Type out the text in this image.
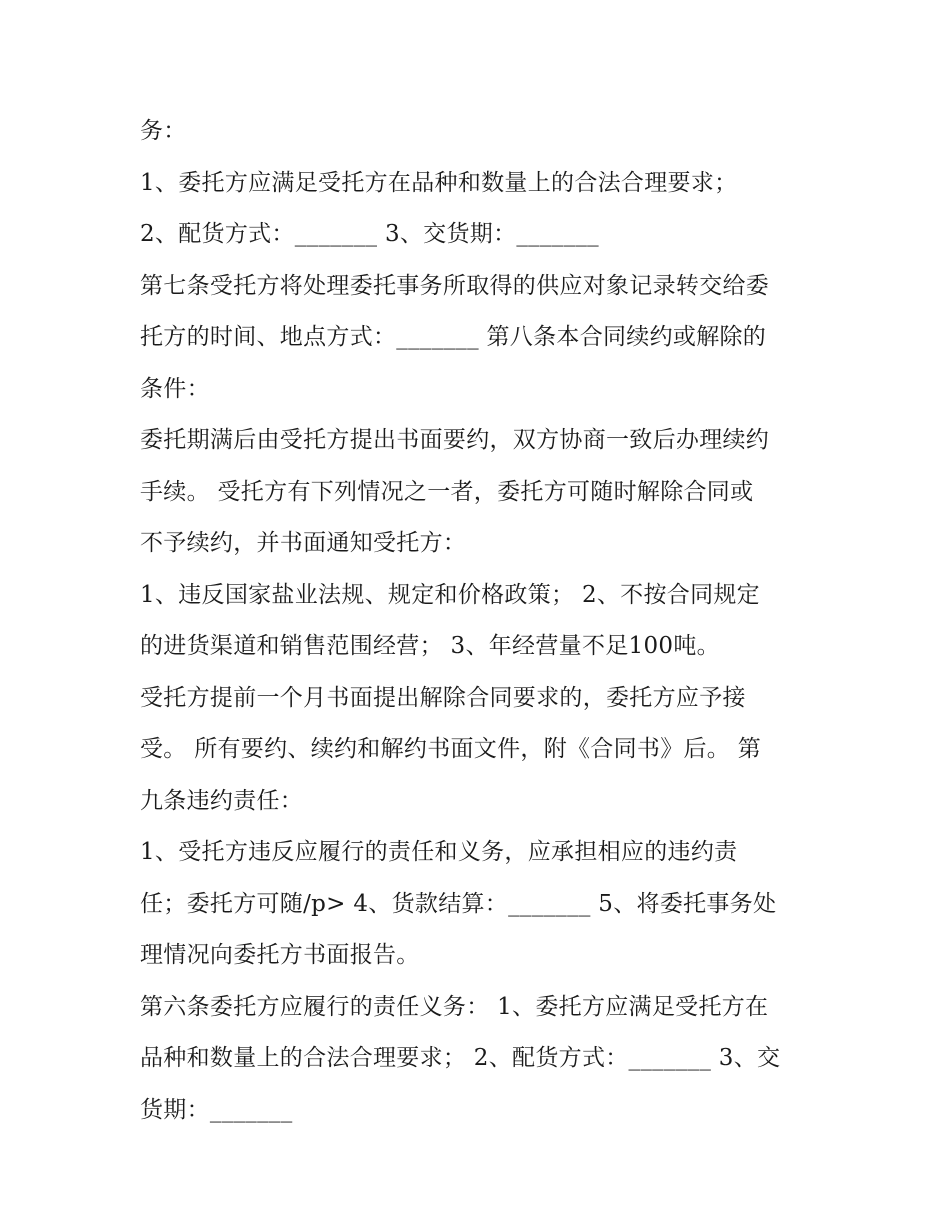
务：
1、委托方应满足受托方在品种和数量上的合法合理要求；
2、配货方式：_______ 3、交货期：_______
第七条受托方将处理委托事务所取得的供应对象记录转交给委
托方的时间、地点方式：_______ 第八条本合同续约或解除的
条件：
委托期满后由受托方提出书面要约，双方协商一致后办理续约
手续。 受托方有下列情况之一者，委托方可随时解除合同或
不予续约，并书面通知受托方：
1、违反国家盐业法规、规定和价格政策； 2、不按合同规定
的进货渠道和销售范围经营； 3、年经营量不足100吨。
受托方提前一个月书面提出解除合同要求的，委托方应予接
受。 所有要约、续约和解约书面文件，附《合同书》后。 第
九条违约责任：
1、受托方违反应履行的责任和义务，应承担相应的违约责
任；委托方可随/p> 4、货款结算：_______ 5、将委托事务处
理情况向委托方书面报告。
第六条委托方应履行的责任义务： 1、委托方应满足受托方在
品种和数量上的合法合理要求； 2、配货方式：_______ 3、交
货期：_______
